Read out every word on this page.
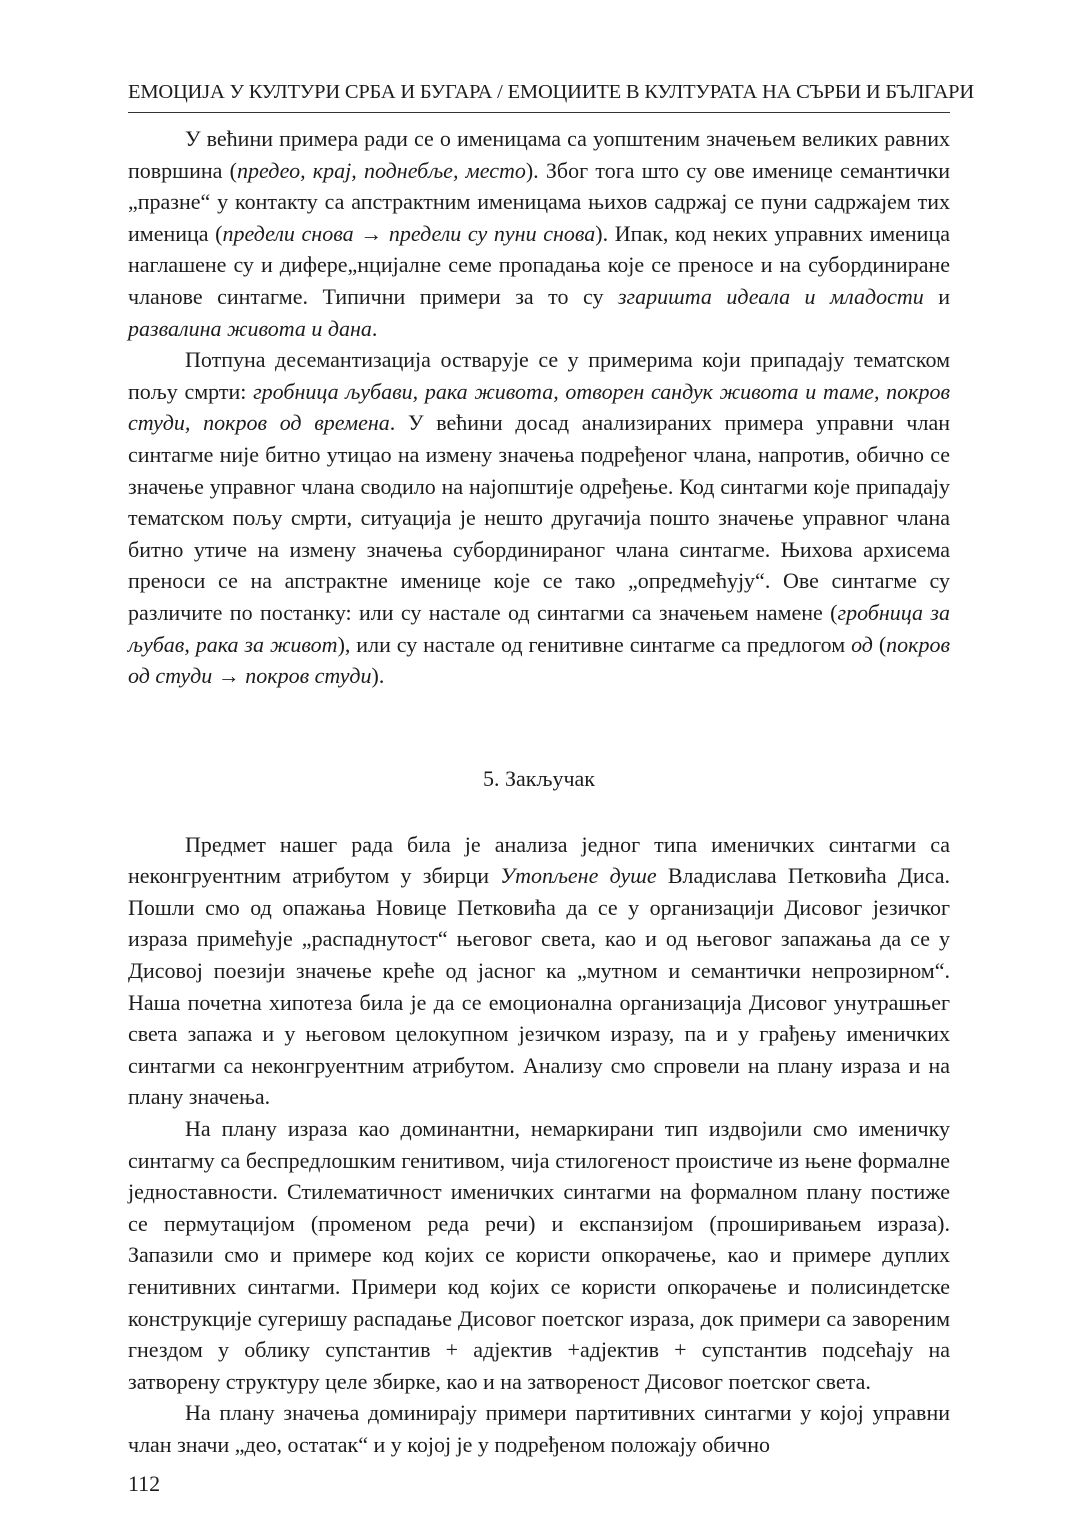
ЕМОЦИЈА У КУЛТУРИ СРБА И БУГАРА / ЕМОЦИИТЕ В КУЛТУРАТА НА СЪРБИ И БЪЛГАРИ

У већини примера ради се о именицама са уопштеним значењем великих равних површина (предео, крај, поднебље, место). Због тога што су ове именице семантички „празне“ у контакту са апстрактним именицама њихов садржај се пуни садржајем тих именица (предели снова → предели су пуни снова). Ипак, код неких управних именица наглашене су и дифере„нцијалне семе пропадања које се преносе и на субординиране чланове синтагме. Типични примери за то су згаришта идеала и младости и развалина живота и дана.

Потпуна десемантизација остварује се у примерима који припадају тематском пољу смрти: гробница љубави, рака живота, отворен сандук живота и таме, покров студи, покров од времена. У већини досад анализираних примера управни члан синтагме није битно утицао на измену значења подређеног члана, напротив, обично се значење управног члана сводило на најопштије одређење. Код синтагми које припадају тематском пољу смрти, ситуација је нешто другачија пошто значење управног члана битно утиче на измену значења субординираног члана синтагме. Њихова архисема преноси се на апстрактне именице које се тако „опредмећују“. Ове синтагме су различите по постанку: или су настале од синтагми са значењем намене (гробница за љубав, рака за живот), или су настале од генитивне синтагме са предлогом од (покров од студи → покров студи).

5. Закључак

Предмет нашег рада била је анализа једног типа именичких синтагми са неконгруентним атрибутом у збирци Утопљене душе Владислава Петковића Диса. Пошли смо од опажања Новице Петковића да се у организацији Дисовог језичког израза примећује „распаднутост“ његовог света, као и од његовог запажања да се у Дисовој поезији значење креће од јасног ка „мутном и семантички непрозирном“. Наша почетна хипотеза била је да се емоционална организација Дисовог унутрашњег света запажа и у његовом целокупном језичком изразу, па и у грађењу именичких синтагми са неконгруентним атрибутом. Анализу смо спровели на плану израза и на плану значења.

На плану израза као доминантни, немаркирани тип издвојили смо именичку синтагму са беспредлошким генитивом, чија стилогеност проистиче из њене формалне једноставности. Стилематичност именичких синтагми на формалном плану постиже се пермутацијом (променом реда речи) и експанзијом (проширивањем израза). Запазили смо и примере код којих се користи опкорачење, као и примере дуплих генитивних синтагми. Примери код којих се користи опкорачење и полисиндетске конструкције сугеришу распадање Дисовог поетског израза, док примери са завореним гнездом у облику супстантив + адјектив +адјектив + супстантив подсећају на затворену структуру целе збирке, као и на затвореност Дисовог поетског света.

На плану значења доминирају примери партитивних синтагми у којој управни члан значи „део, остатак“ и у којој је у подређеном положају обично

112
